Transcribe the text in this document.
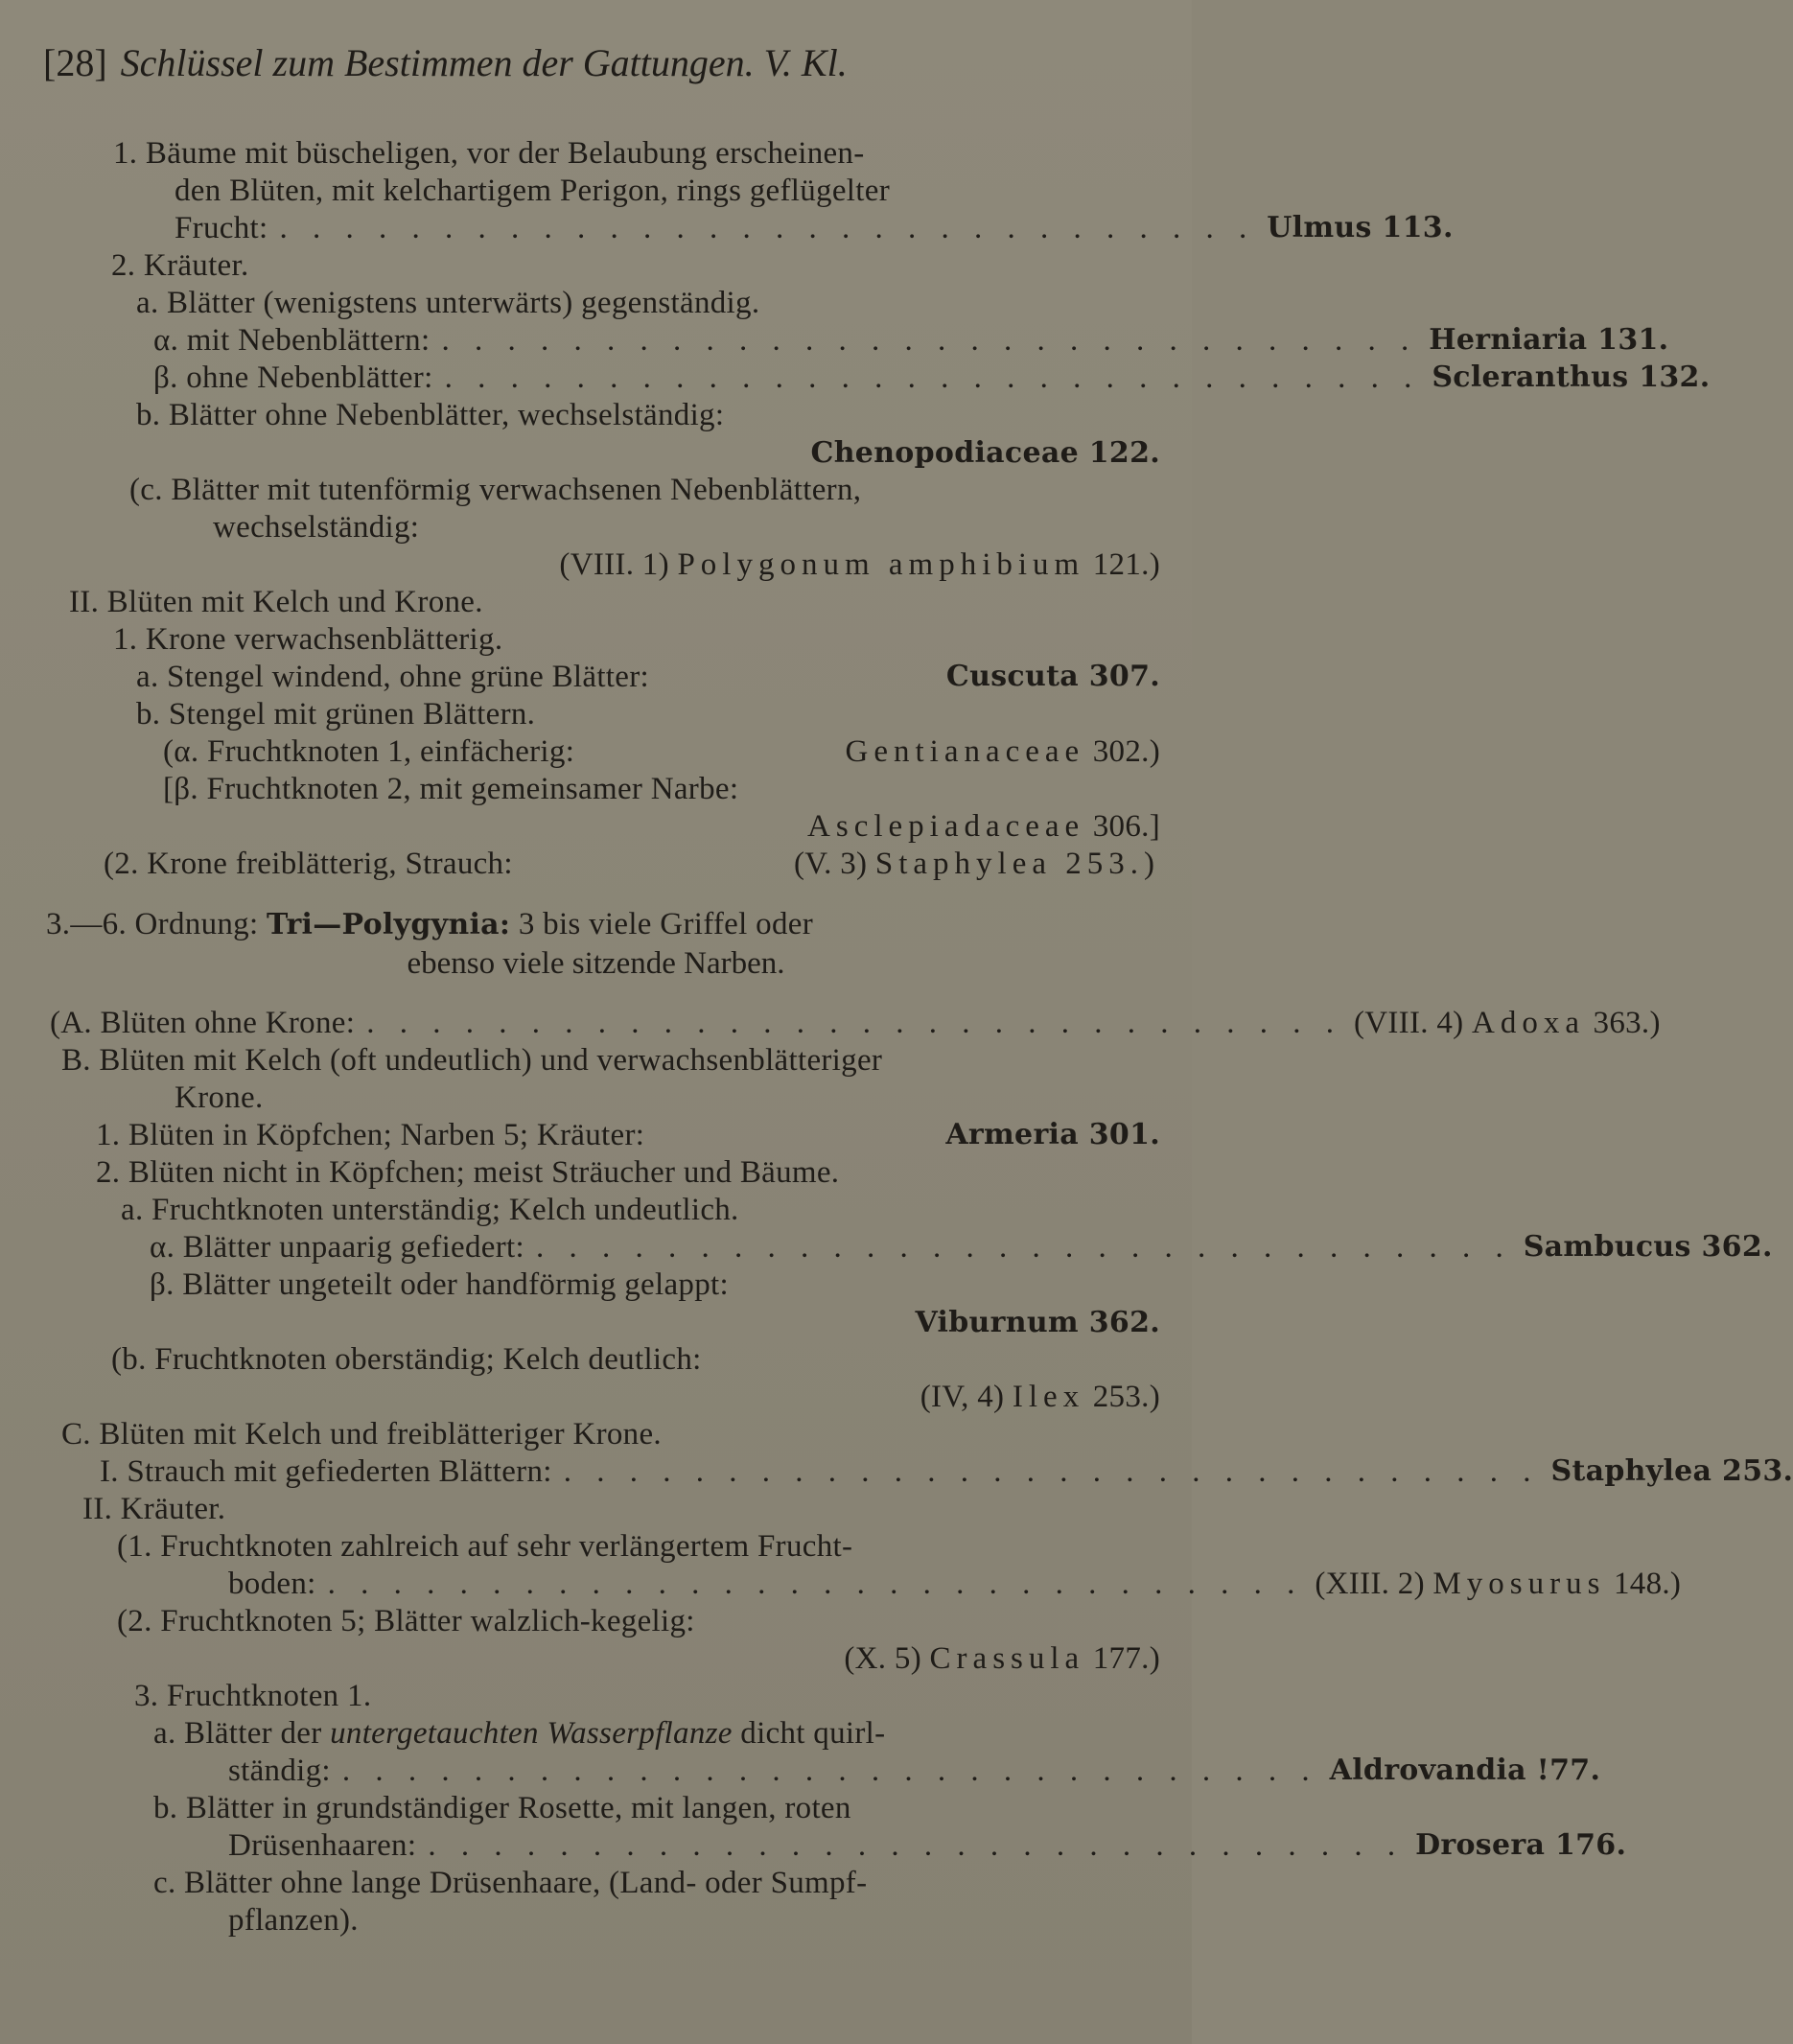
[28] Schlüssel zum Bestimmen der Gattungen. V. Kl.
1. Bäume mit büscheligen, vor der Belaubung erscheinen-
den Blüten, mit kelchartigem Perigon, rings geflügelter
Frucht: . . . . . . . . . . . . . . . . . . . . . . . . . . . . . . Ulmus 113.
2. Kräuter.
a. Blätter (wenigstens unterwärts) gegenständig.
α. mit Nebenblättern: . . . . . . . . . . . . . . . . . . . . . . . . . . . . . . Herniaria 131.
β. ohne Nebenblätter: . . . . . . . . . . . . . . . . . . . . . . . . . . . . . . Scleranthus 132.
b. Blätter ohne Nebenblätter, wechselständig:
Chenopodiaceae 122.
(c. Blätter mit tutenförmig verwachsenen Nebenblättern,
wechselständig:
(VIII. 1) Polygonum amphibium 121.)
II. Blüten mit Kelch und Krone.
1. Krone verwachsenblätterig.
a. Stengel windend, ohne grüne Blätter:	Cuscuta 307.
b. Stengel mit grünen Blättern.
(α. Fruchtknoten 1, einfächerig:	Gentianaceae 302.)
[β. Fruchtknoten 2, mit gemeinsamer Narbe:
Asclepiadaceae 306.]
(2. Krone freiblätterig, Strauch:	(V. 3) Staphylea 253.)
3.—6. Ordnung: Tri—Polygynia: 3 bis viele Griffel oder
ebenso viele sitzende Narben.
(A. Blüten ohne Krone: . . . . . . . . . . . . . . . . . . . . . . . . . . . . . . (VIII. 4) Adoxa 363.)
B. Blüten mit Kelch (oft undeutlich) und verwachsenblätteriger
Krone.
1. Blüten in Köpfchen; Narben 5; Kräuter:	Armeria 301.
2. Blüten nicht in Köpfchen; meist Sträucher und Bäume.
a. Fruchtknoten unterständig; Kelch undeutlich.
α. Blätter unpaarig gefiedert: . . . . . . . . . . . . . . . . . . . . . . . . . . . . . . Sambucus 362.
β. Blätter ungeteilt oder handförmig gelappt:
Viburnum 362.
(b. Fruchtknoten oberständig; Kelch deutlich:
(IV, 4) Ilex 253.)
C. Blüten mit Kelch und freiblätteriger Krone.
I. Strauch mit gefiederten Blättern: . . . . . . . . . . . . . . . . . . . . . . . . . . . . . . Staphylea 253.
II. Kräuter.
(1. Fruchtknoten zahlreich auf sehr verlängertem Frucht-
boden: . . . . . . . . . . . . . . . . . . . . . . . . . . . . . . (XIII. 2) Myosurus 148.)
(2. Fruchtknoten 5; Blätter walzlich-kegelig:
(X. 5) Crassula 177.)
3. Fruchtknoten 1.
a. Blätter der untergetauchten Wasserpflanze dicht quirl-
ständig: . . . . . . . . . . . . . . . . . . . . . . . . . . . . . . Aldrovandia !77.
b. Blätter in grundständiger Rosette, mit langen, roten
Drüsenhaaren: . . . . . . . . . . . . . . . . . . . . . . . . . . . . . . Drosera 176.
c. Blätter ohne lange Drüsenhaare, (Land- oder Sumpf-
pflanzen).
